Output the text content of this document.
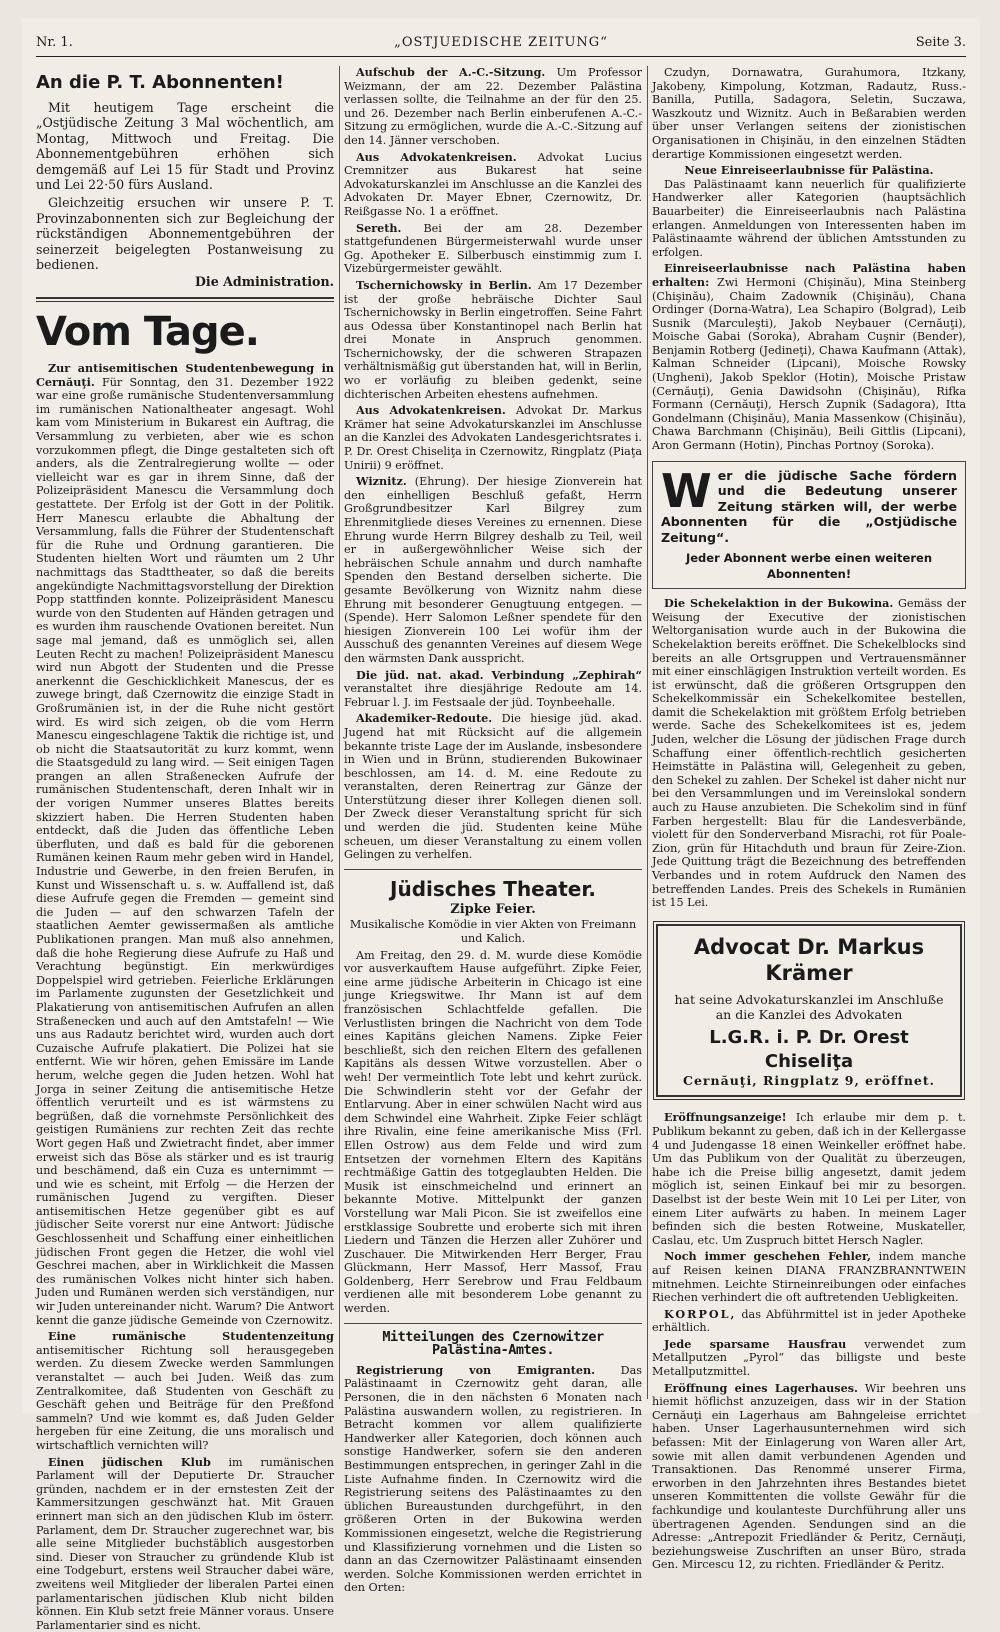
Nr. 1.	„OSTJUEDISCHE ZEITUNG“	Seite 3.
An die P. T. Abonnenten!

Mit heutigem Tage erscheint die „Ostjüdische Zeitung 3 Mal wöchentlich, am Montag, Mittwoch und Freitag. Die Abonnementgebühren erhöhen sich demgemäß auf Lei 15 für Stadt und Provinz und Lei 22·50 fürs Ausland.

Gleichzeitig ersuchen wir unsere P. T. Provinzabonnenten sich zur Begleichung der rückständigen Abonnementgebühren der seinerzeit beigelegten Postanweisung zu bedienen.

Die Administration.
Vom Tage.

Zur antisemitischen Studentenbewegung in Cernăuţi. Für Sonntag, den 31. Dezember 1922 war eine große rumänische Studentenversammlung im rumänischen Nationaltheater angesagt. Wohl kam vom Ministerium in Bukarest ein Auftrag, die Versammlung zu verbieten, aber wie es schon vorzukommen pflegt, die Dinge gestalteten sich oft anders, als die Zentralregierung wollte — oder vielleicht war es gar in ihrem Sinne, daß der Polizeipräsident Manescu die Versammlung doch gestattete. Der Erfolg ist der Gott in der Politik. Herr Manescu erlaubte die Abhaltung der Versammlung, falls die Führer der Studentenschaft für die Ruhe und Ordnung garantieren. Die Studenten hielten Wort und räumten um 2 Uhr nachmittags das Stadttheater, so daß die bereits angekündigte Nachmittagsvorstellung der Direktion Popp stattfinden konnte. Polizeipräsident Manescu wurde von den Studenten auf Händen getragen und es wurden ihm rauschende Ovationen bereitet. Nun sage mal jemand, daß es unmöglich sei, allen Leuten Recht zu machen! Polizeipräsident Manescu wird nun Abgott der Studenten und die Presse anerkennt die Geschicklichkeit Manescus, der es zuwege bringt, daß Czernowitz die einzige Stadt in Großrumänien ist, in der die Ruhe nicht gestört wird. Es wird sich zeigen, ob die vom Herrn Manescu eingeschlagene Taktik die richtige ist, und ob nicht die Staatsautorität zu kurz kommt, wenn die Staatsgeduld zu lang wird. — Seit einigen Tagen prangen an allen Straßenecken Aufrufe der rumänischen Studentenschaft, deren Inhalt wir in der vorigen Nummer unseres Blattes bereits skizziert haben. Die Herren Studenten haben entdeckt, daß die Juden das öffentliche Leben überfluten, und daß es bald für die geborenen Rumänen keinen Raum mehr geben wird in Handel, Industrie und Gewerbe, in den freien Berufen, in Kunst und Wissenschaft u. s. w. Auffallend ist, daß diese Aufrufe gegen die Fremden — gemeint sind die Juden — auf den schwarzen Tafeln der staatlichen Aemter gewissermaßen als amtliche Publikationen prangen. Man muß also annehmen, daß die hohe Regierung diese Aufrufe zu Haß und Verachtung begünstigt. Ein merkwürdiges Doppelspiel wird getrieben. Feierliche Erklärungen im Parlamente zugunsten der Gesetzlichkeit und Plakatierung von antisemitischen Aufrufen an allen Straßenecken und auch auf den Amtstafeln! — Wie uns aus Radautz berichtet wird, wurden auch dort Cuzaische Aufrufe plakatiert. Die Polizei hat sie entfernt. Wie wir hören, gehen Emissäre im Lande herum, welche gegen die Juden hetzen. Wohl hat Jorga in seiner Zeitung die antisemitische Hetze öffentlich verurteilt und es ist wärmstens zu begrüßen, daß die vornehmste Persönlichkeit des geistigen Rumäniens zur rechten Zeit das rechte Wort gegen Haß und Zwietracht findet, aber immer erweist sich das Böse als stärker und es ist traurig und beschämend, daß ein Cuza es unternimmt — und wie es scheint, mit Erfolg — die Herzen der rumänischen Jugend zu vergiften. Dieser antisemitischen Hetze gegenüber gibt es auf jüdischer Seite vorerst nur eine Antwort: Jüdische Geschlossenheit und Schaffung einer einheitlichen jüdischen Front gegen die Hetzer, die wohl viel Geschrei machen, aber in Wirklichkeit die Massen des rumänischen Volkes nicht hinter sich haben. Juden und Rumänen werden sich verständigen, nur wir Juden untereinander nicht. Warum? Die Antwort kennt die ganze jüdische Gemeinde von Czernowitz.

Eine rumänische Studentenzeitung antisemitischer Richtung soll herausgegeben werden. Zu diesem Zwecke werden Sammlungen veranstaltet — auch bei Juden. Weiß das zum Zentralkomitee, daß Studenten von Geschäft zu Geschäft gehen und Beiträge für den Preßfond sammeln? Und wie kommt es, daß Juden Gelder hergeben für eine Zeitung, die uns moralisch und wirtschaftlich vernichten will?

Einen jüdischen Klub im rumänischen Parlament will der Deputierte Dr. Straucher gründen, nachdem er in der ernstesten Zeit der Kammersitzungen geschwänzt hat. Mit Grauen erinnert man sich an den jüdischen Klub im österr. Parlament, dem Dr. Straucher zugerechnet war, bis alle seine Mitglieder buchstäblich ausgestorben sind. Dieser von Straucher zu gründende Klub ist eine Todgeburt, erstens weil Straucher dabei wäre, zweitens weil Mitglieder der liberalen Partei einen parlamentarischen jüdischen Klub nicht bilden können. Ein Klub setzt freie Männer voraus. Unsere Parlamentarier sind es nicht.

Aufschub der A.-C.-Sitzung. Um Professor Weizmann, der am 22. Dezember Palästina verlassen sollte, die Teilnahme an der für den 25. und 26. Dezember nach Berlin einberufenen A.-C.-Sitzung zu ermöglichen, wurde die A.-C.-Sitzung auf den 14. Jänner verschoben.

Aus Advokatenkreisen. Advokat Lucius Cremnitzer aus Bukarest hat seine Advokaturskanzlei im Anschlusse an die Kanzlei des Advokaten Dr. Mayer Ebner, Czernowitz, Dr. Reißgasse No. 1 a eröffnet.

Sereth. Bei der am 28. Dezember stattgefundenen Bürgermeisterwahl wurde unser Gg. Apotheker E. Silberbusch einstimmig zum I. Vizebürgermeister gewählt.

Tschernichowsky in Berlin. Am 17 Dezember ist der große hebräische Dichter Saul Tschernichowsky in Berlin eingetroffen. Seine Fahrt aus Odessa über Konstantinopel nach Berlin hat drei Monate in Anspruch genommen. Tschernichowsky, der die schweren Strapazen verhältnismäßig gut überstanden hat, will in Berlin, wo er vorläufig zu bleiben gedenkt, seine dichterischen Arbeiten ehestens aufnehmen.

Aus Advokatenkreisen. Advokat Dr. Markus Krämer hat seine Advokaturskanzlei im Anschlusse an die Kanzlei des Advokaten Landesgerichtsrates i. P. Dr. Orest Chiseliţa in Czernowitz, Ringplatz (Piaţa Unirii) 9 eröffnet.

Wiznitz. (Ehrung). Der hiesige Zionverein hat den einhelligen Beschluß gefaßt, Herrn Großgrundbesitzer Karl Bilgrey zum Ehrenmitgliede dieses Vereines zu ernennen. Diese Ehrung wurde Herrn Bilgrey deshalb zu Teil, weil er in außergewöhnlicher Weise sich der hebräischen Schule annahm und durch namhafte Spenden den Bestand derselben sicherte. Die gesamte Bevölkerung von Wiznitz nahm diese Ehrung mit besonderer Genugtuung entgegen. — (Spende). Herr Salomon Leßner spendete für den hiesigen Zionverein 100 Lei wofür ihm der Ausschuß des genannten Vereines auf diesem Wege den wärmsten Dank ausspricht.

Die jüd. nat. akad. Verbindung „Zephirah“ veranstaltet ihre diesjährige Redoute am 14. Februar l. J. im Festsaale der jüd. Toynbeehalle.

Akademiker-Redoute. Die hiesige jüd. akad. Jugend hat mit Rücksicht auf die allgemein bekannte triste Lage der im Auslande, insbesondere in Wien und in Brünn, studierenden Bukowinaer beschlossen, am 14. d. M. eine Redoute zu veranstalten, deren Reinertrag zur Gänze der Unterstützung dieser ihrer Kollegen dienen soll. Der Zweck dieser Veranstaltung spricht für sich und werden die jüd. Studenten keine Mühe scheuen, um dieser Veranstaltung zu einem vollen Gelingen zu verhelfen.

Jüdisches Theater.
Zipke Feier.

Musikalische Komödie in vier Akten von Freimann und Kalich.

Am Freitag, den 29. d. M. wurde diese Komödie vor ausverkauftem Hause aufgeführt. Zipke Feier, eine arme jüdische Arbeiterin in Chicago ist eine junge Kriegswitwe. Ihr Mann ist auf dem französischen Schlachtfelde gefallen. Die Verlustlisten bringen die Nachricht von dem Tode eines Kapitäns gleichen Namens. Zipke Feier beschließt, sich den reichen Eltern des gefallenen Kapitäns als dessen Witwe vorzustellen. Aber o weh! Der vermeintlich Tote lebt und kehrt zurück. Die Schwindlerin steht vor der Gefahr der Entlarvung. Aber in einer schwülen Nacht wird aus dem Schwindel eine Wahrheit. Zipke Feier schlägt ihre Rivalin, eine feine amerikanische Miss (Frl. Ellen Ostrow) aus dem Felde und wird zum Entsetzen der vornehmen Eltern des Kapitäns rechtmäßige Gattin des totgeglaubten Helden. Die Musik ist einschmeichelnd und erinnert an bekannte Motive. Mittelpunkt der ganzen Vorstellung war Mali Picon. Sie ist zweifellos eine erstklassige Soubrette und eroberte sich mit ihren Liedern und Tänzen die Herzen aller Zuhörer und Zuschauer. Die Mitwirkenden Herr Berger, Frau Glückmann, Herr Massof, Herr Massof, Frau Goldenberg, Herr Serebrow und Frau Feldbaum verdienen alle mit besonderem Lobe genannt zu werden.

Mitteilungen des Czernowitzer Palästina-Amtes.

Registrierung von Emigranten. Das Palästinaamt in Czernowitz geht daran, alle Personen, die in den nächsten 6 Monaten nach Palästina auswandern wollen, zu registrieren. In Betracht kommen vor allem qualifizierte Handwerker aller Kategorien, doch können auch sonstige Handwerker, sofern sie den anderen Bestimmungen entsprechen, in geringer Zahl in die Liste Aufnahme finden. In Czernowitz wird die Registrierung seitens des Palästinaamtes zu den üblichen Bureaustunden durchgeführt, in den größeren Orten in der Bukowina werden Kommissionen eingesetzt, welche die Registrierung und Klassifizierung vornehmen und die Listen so dann an das Czernowitzer Palästinaamt einsenden werden. Solche Kommissionen werden errichtet in den Orten:

Czudyn, Dornawatra, Gurahumora, Itzkany, Jakobeny, Kimpolung, Kotzman, Radautz, Russ.-Banilla, Putilla, Sadagora, Seletin, Suczawa, Waszkoutz und Wiznitz. Auch in Beßarabien werden über unser Verlangen seitens der zionistischen Organisationen in Chişinău, in den einzelnen Städten derartige Kommissionen eingesetzt werden.

Neue Einreiseerlaubnisse für Palästina.

Das Palästinaamt kann neuerlich für qualifizierte Handwerker aller Kategorien (hauptsächlich Bauarbeiter) die Einreiseerlaubnis nach Palästina erlangen. Anmeldungen von Interessenten haben im Palästinaamte während der üblichen Amtsstunden zu erfolgen.

Einreiseerlaubnisse nach Palästina haben erhalten: Zwi Hermoni (Chişinău), Mina Steinberg (Chişinău), Chaim Zadownik (Chişinău), Chana Ordinger (Dorna-Watra), Lea Schapiro (Bolgrad), Leib Susnik (Marculeşti), Jakob Neybauer (Cernăuţi), Moische Gabai (Soroka), Abraham Cuşnir (Bender), Benjamin Rotberg (Jedineţi), Chawa Kaufmann (Attak), Kalman Schneider (Lipcani), Moische Rowsky (Ungheni), Jakob Speklor (Hotin), Moische Pristaw (Cernăuţi), Genia Dawidsohn (Chişinău), Rifka Formann (Cernăuţi), Hersch Zupnik (Sadagora), Itta Gondelmann (Chişinău), Mania Massenkow (Chişinău), Chawa Barchmann (Chişinău), Beili Gittlis (Lipcani), Aron Germann (Hotin), Pinchas Portnoy (Soroka).

W er die jüdische Sache fördern und die Bedeutung unserer Zeitung stärken will, der werbe Abonnenten für die „Ostjüdische Zeitung“.
Jeder Abonnent werbe einen weiteren Abonnenten!

Die Schekelaktion in der Bukowina. Gemäss der Weisung der Executive der zionistischen Weltorganisation wurde auch in der Bukowina die Schekelaktion bereits eröffnet. Die Schekelblocks sind bereits an alle Ortsgruppen und Vertrauensmänner mit einer einschlägigen Instruktion verteilt worden. Es ist erwünscht, daß die größeren Ortsgruppen den Schekelkommissär ein Schekelkomitee bestellen, damit die Schekelaktion mit größtem Erfolg betrieben werde. Sache des Schekelkomitees ist es, jedem Juden, welcher die Lösung der jüdischen Frage durch Schaffung einer öffentlich-rechtlich gesicherten Heimstätte in Palästina will, Gelegenheit zu geben, den Schekel zu zahlen. Der Schekel ist daher nicht nur bei den Versammlungen und im Vereinslokal sondern auch zu Hause anzubieten. Die Schekolim sind in fünf Farben hergestellt: Blau für die Landesverbände, violett für den Sonderverband Misrachi, rot für Poale-Zion, grün für Hitachduth und braun für Zeire-Zion. Jede Quittung trägt die Bezeichnung des betreffenden Verbandes und in rotem Aufdruck den Namen des betreffenden Landes. Preis des Schekels in Rumänien ist 15 Lei.

Advocat Dr. Markus Krämer
hat seine Advokaturskanzlei im Anschluße an die Kanzlei des Advokaten
L.G.R. i. P. Dr. Orest Chiseliţa
Cernăuţi, Ringplatz 9, eröffnet.

Eröffnungsanzeige! Ich erlaube mir dem p. t. Publikum bekannt zu geben, daß ich in der Kellergasse 4 und Judengasse 18 einen Weinkeller eröffnet habe. Um das Publikum von der Qualität zu überzeugen, habe ich die Preise billig angesetzt, damit jedem möglich ist, seinen Einkauf bei mir zu besorgen. Daselbst ist der beste Wein mit 10 Lei per Liter, von einem Liter aufwärts zu haben. In meinem Lager befinden sich die besten Rotweine, Muskateller, Caslau, etc. Um Zuspruch bittet Hersch Nagler.

Noch immer geschehen Fehler, indem manche auf Reisen keinen DIANA FRANZBRANNTWEIN mitnehmen. Leichte Stirneinreibungen oder einfaches Riechen verhindert die oft auftretenden Uebligkeiten.

KORPOL, das Abführmittel ist in jeder Apotheke erhältlich.

Jede sparsame Hausfrau verwendet zum Metallputzen „Pyrol“ das billigste und beste Metallputzmittel.

Eröffnung eines Lagerhauses. Wir beehren uns hiemit höflichst anzuzeigen, dass wir in der Station Cernăuţi ein Lagerhaus am Bahngeleise errichtet haben. Unser Lagerhausunternehmen wird sich befassen: Mit der Einlagerung von Waren aller Art, sowie mit allen damit verbundenen Agenden und Transaktionen. Das Renommé unserer Firma, erworben in den Jahrzehnten ihres Bestandes bietet unseren Kommittenten die vollste Gewähr für die fachkundige und koulanteste Durchführung aller uns übertragenen Agenden. Sendungen sind an die Adresse: „Antrepozit Friedländer & Peritz, Cernăuţi, beziehungsweise Zuschriften an unser Büro, strada Gen. Mircescu 12, zu richten. Friedländer & Peritz.
